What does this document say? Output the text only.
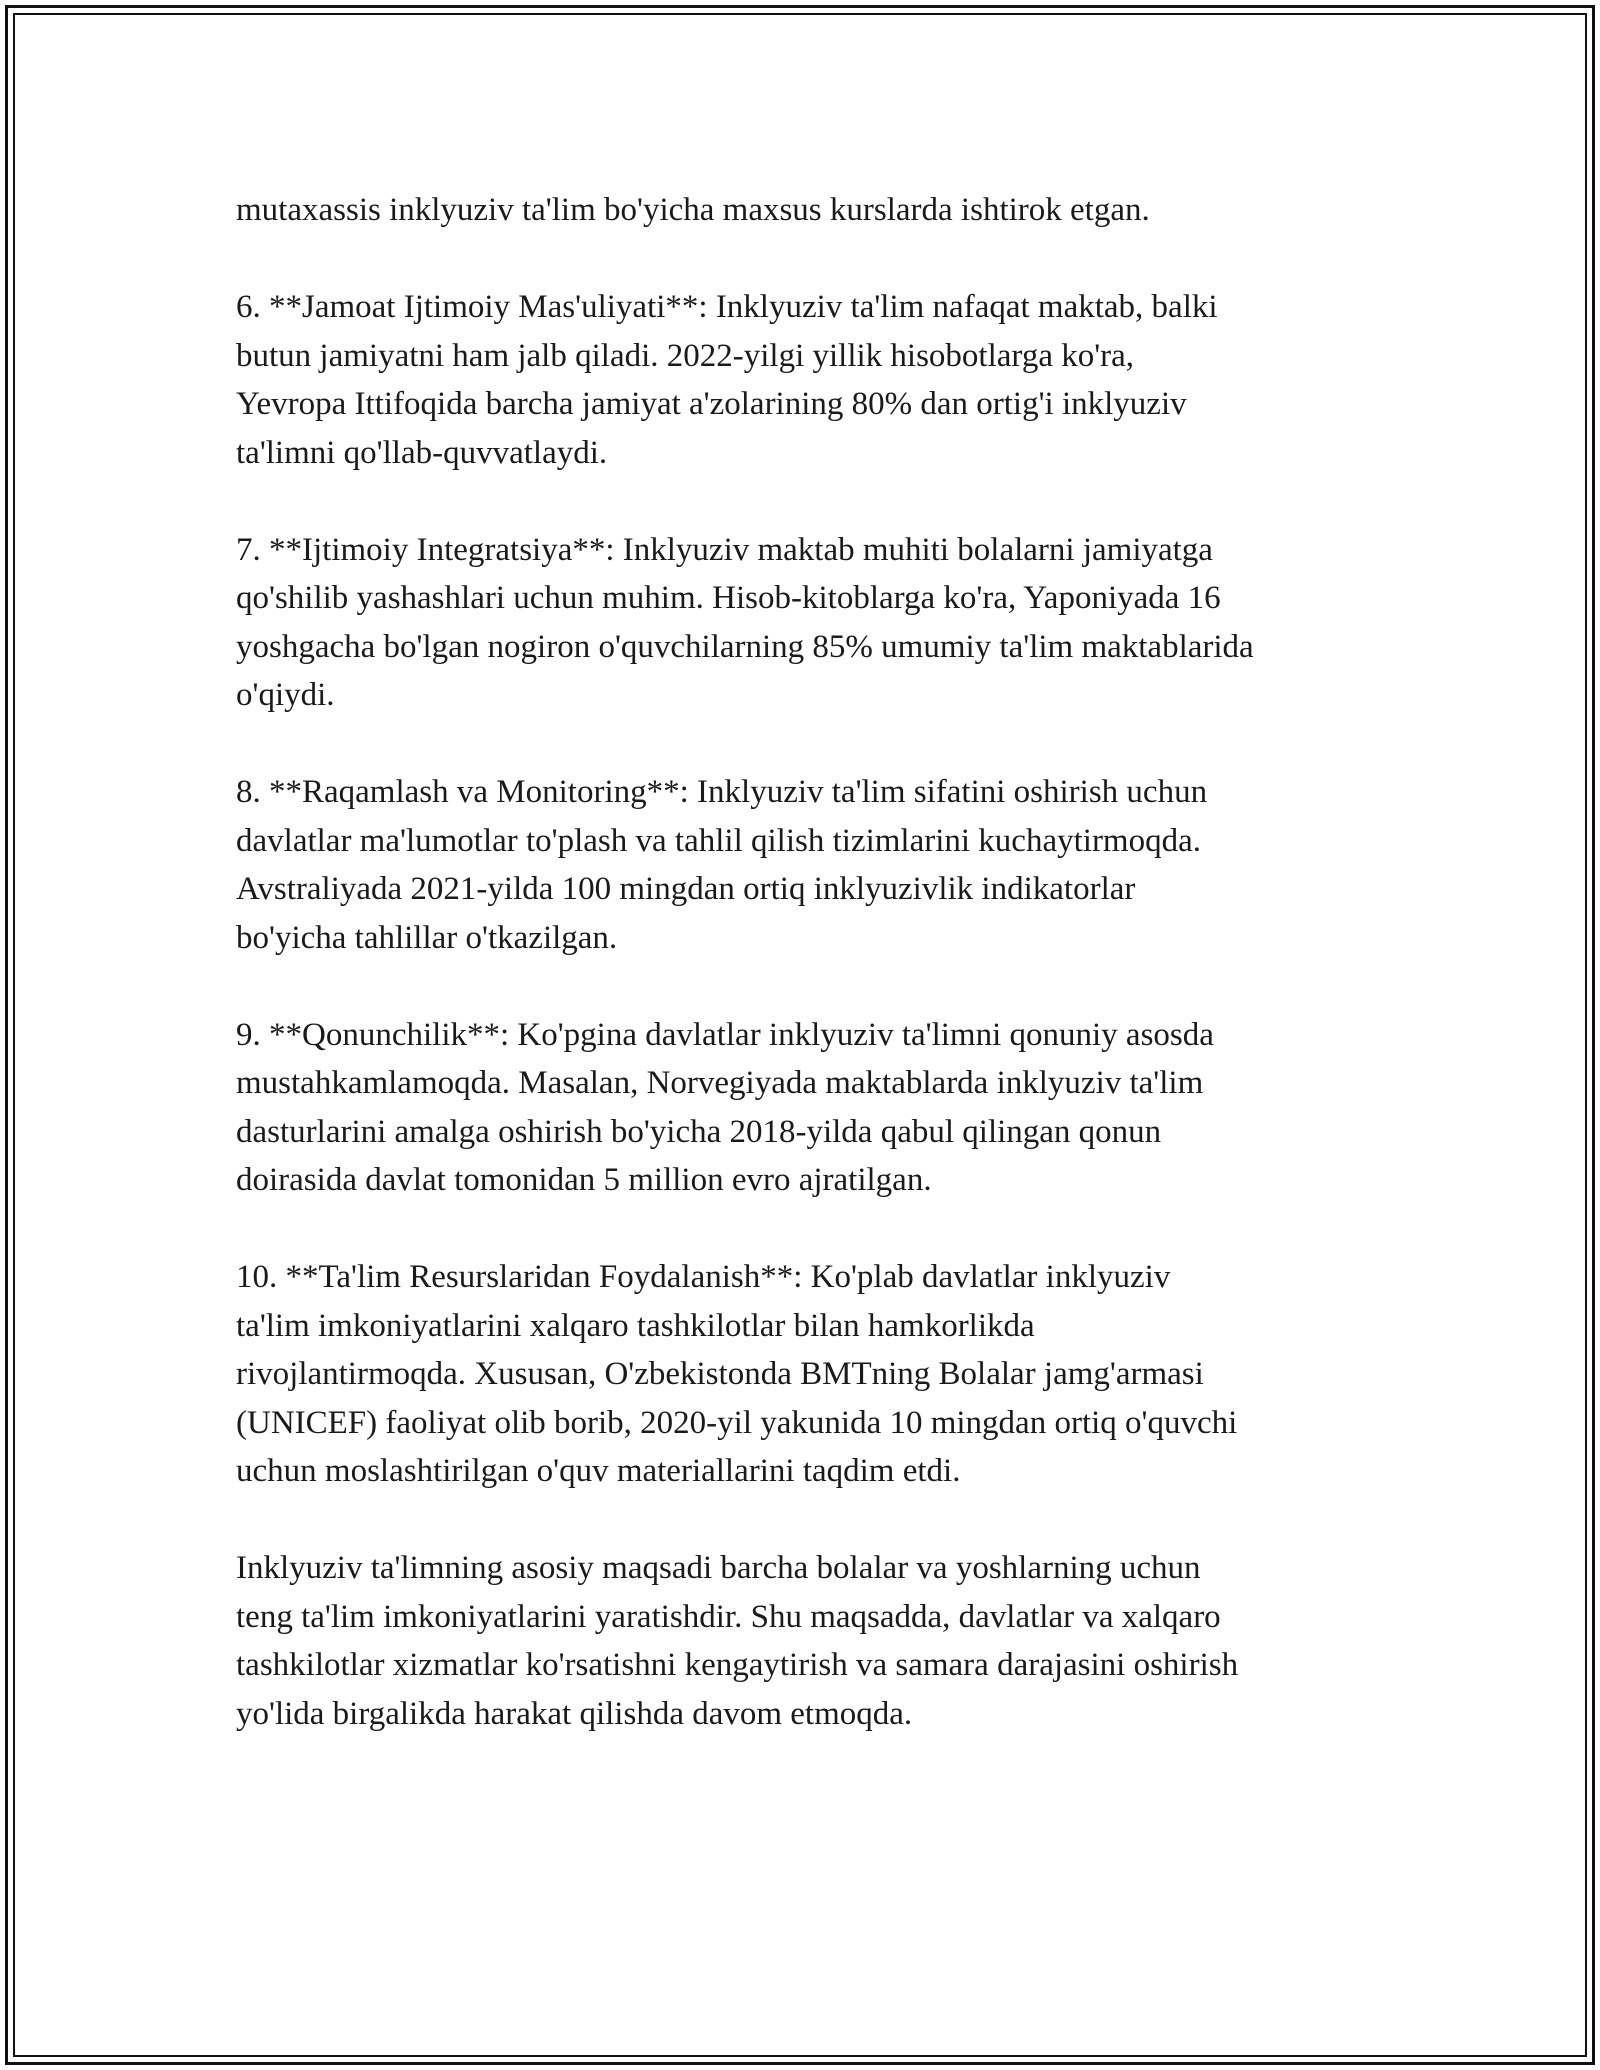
mutaxassis inklyuziv ta'lim bo'yicha maxsus kurslarda ishtirok etgan.

6. **Jamoat Ijtimoiy Mas'uliyati**: Inklyuziv ta'lim nafaqat maktab, balki
butun jamiyatni ham jalb qiladi. 2022-yilgi yillik hisobotlarga ko'ra,
Yevropa Ittifoqida barcha jamiyat a'zolarining 80% dan ortig'i inklyuziv
ta'limni qo'llab-quvvatlaydi.

7. **Ijtimoiy Integratsiya**: Inklyuziv maktab muhiti bolalarni jamiyatga
qo'shilib yashashlari uchun muhim. Hisob-kitoblarga ko'ra, Yaponiyada 16
yoshgacha bo'lgan nogiron o'quvchilarning 85% umumiy ta'lim maktablarida
o'qiydi.

8. **Raqamlash va Monitoring**: Inklyuziv ta'lim sifatini oshirish uchun
davlatlar ma'lumotlar to'plash va tahlil qilish tizimlarini kuchaytirmoqda.
Avstraliyada 2021-yilda 100 mingdan ortiq inklyuzivlik indikatorlar
bo'yicha tahlillar o'tkazilgan.

9. **Qonunchilik**: Ko'pgina davlatlar inklyuziv ta'limni qonuniy asosda
mustahkamlamoqda. Masalan, Norvegiyada maktablarda inklyuziv ta'lim
dasturlarini amalga oshirish bo'yicha 2018-yilda qabul qilingan qonun
doirasida davlat tomonidan 5 million evro ajratilgan.

10. **Ta'lim Resurslaridan Foydalanish**: Ko'plab davlatlar inklyuziv
ta'lim imkoniyatlarini xalqaro tashkilotlar bilan hamkorlikda
rivojlantirmoqda. Xususan, O'zbekistonda BMTning Bolalar jamg'armasi
(UNICEF) faoliyat olib borib, 2020-yil yakunida 10 mingdan ortiq o'quvchi
uchun moslashtirilgan o'quv materiallarini taqdim etdi.

Inklyuziv ta'limning asosiy maqsadi barcha bolalar va yoshlarning uchun
teng ta'lim imkoniyatlarini yaratishdir. Shu maqsadda, davlatlar va xalqaro
tashkilotlar xizmatlar ko'rsatishni kengaytirish va samara darajasini oshirish
yo'lida birgalikda harakat qilishda davom etmoqda.
